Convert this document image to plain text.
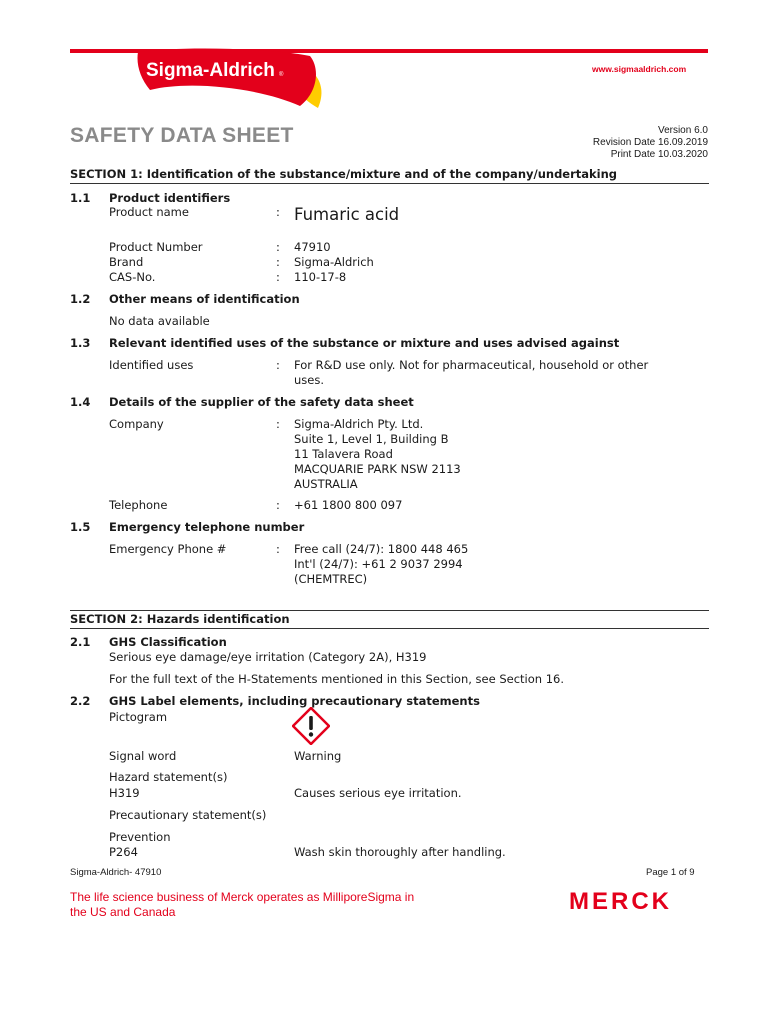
Sigma-Aldrich ®
www.sigmaaldrich.com
SAFETY DATA SHEET	Version 6.0
Revision Date 16.09.2019
Print Date 10.03.2020
SECTION 1: Identification of the substance/mixture and of the company/undertaking
1.1 Product identifiers
Product name	: Fumaric acid
Product Number	: 47910
Brand	: Sigma-Aldrich
CAS-No.	: 110-17-8
1.2 Other means of identification
No data available
1.3 Relevant identified uses of the substance or mixture and uses advised against
Identified uses	: For R&D use only. Not for pharmaceutical, household or other
uses.
1.4 Details of the supplier of the safety data sheet
Company	: Sigma-Aldrich Pty. Ltd.
Suite 1, Level 1, Building B
11 Talavera Road
MACQUARIE PARK NSW 2113
AUSTRALIA
Telephone	: +61 1800 800 097
1.5 Emergency telephone number
Emergency Phone #	: Free call (24/7): 1800 448 465
Int'l (24/7): +61 2 9037 2994
(CHEMTREC)
SECTION 2: Hazards identification
2.1 GHS Classification
Serious eye damage/eye irritation (Category 2A), H319
For the full text of the H-Statements mentioned in this Section, see Section 16.
2.2 GHS Label elements, including precautionary statements
Pictogram
Signal word	Warning
Hazard statement(s)
H319	Causes serious eye irritation.
Precautionary statement(s)
Prevention
P264	Wash skin thoroughly after handling.
Sigma-Aldrich- 47910	Page 1 of 9
The life science business of Merck operates as MilliporeSigma in
the US and Canada	MERCK
